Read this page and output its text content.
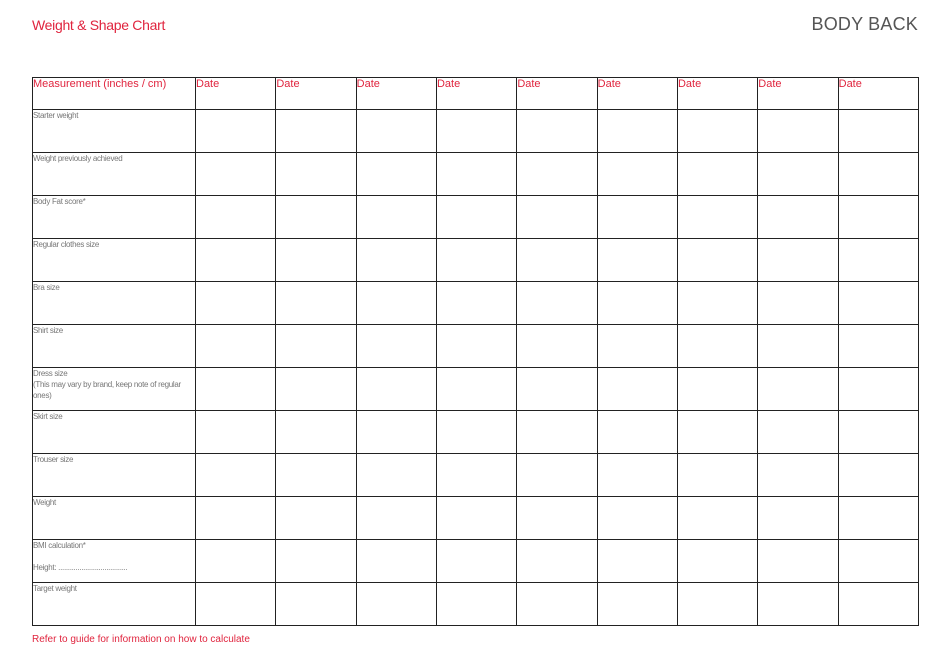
Weight & Shape Chart	BODY BACK
Measurement (inches / cm)	Date	Date	Date	Date	Date	Date	Date	Date	Date

Starter weight									

Weight previously achieved									

Body Fat score*									

Regular clothes size									

Bra size									

Shirt size									

Dress size
(This may vary by brand, keep note of regular ones)									

Skirt size									

Trouser size									

Weight									

BMI calculation*
Height: ....................................									

Target weight									

Refer to guide for information on how to calculate
